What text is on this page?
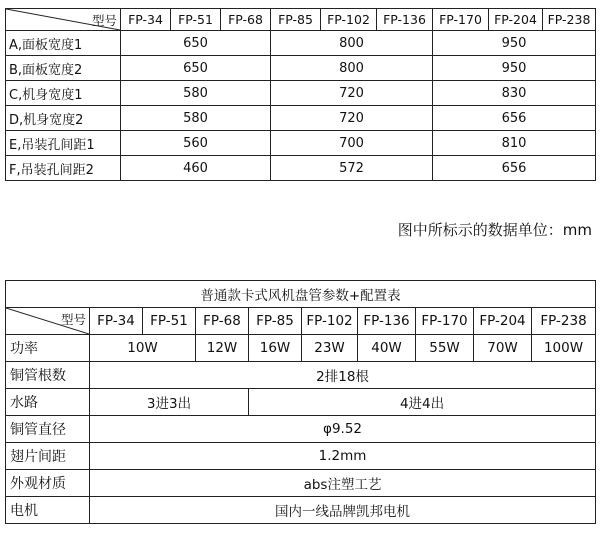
型号	FP-34	FP-51	FP-68	FP-85	FP-102	FP-136	FP-170	FP-204	FP-238
A,面板宽度1	650			800			950		
B,面板宽度2	650			800			950		
C,机身宽度1	580			720			830		
D,机身宽度2	580			720			656		
E,吊装孔间距1	560			700			810		
F,吊装孔间距2	460			572			656		
图中所标示的数据单位：mm
普通款卡式风机盘管参数+配置表									

型号	FP-34	FP-51	FP-68	FP-85	FP-102	FP-136	FP-170	FP-204	FP-238
功率	10W		12W	16W	23W	40W	55W	70W	100W
铜管根数	2排18根								
水路	3进3出			4进4出					
铜管直径	φ9.52								
翅片间距	1.2mm								
外观材质	abs注塑工艺								
电机	国内一线品牌凯邦电机								
